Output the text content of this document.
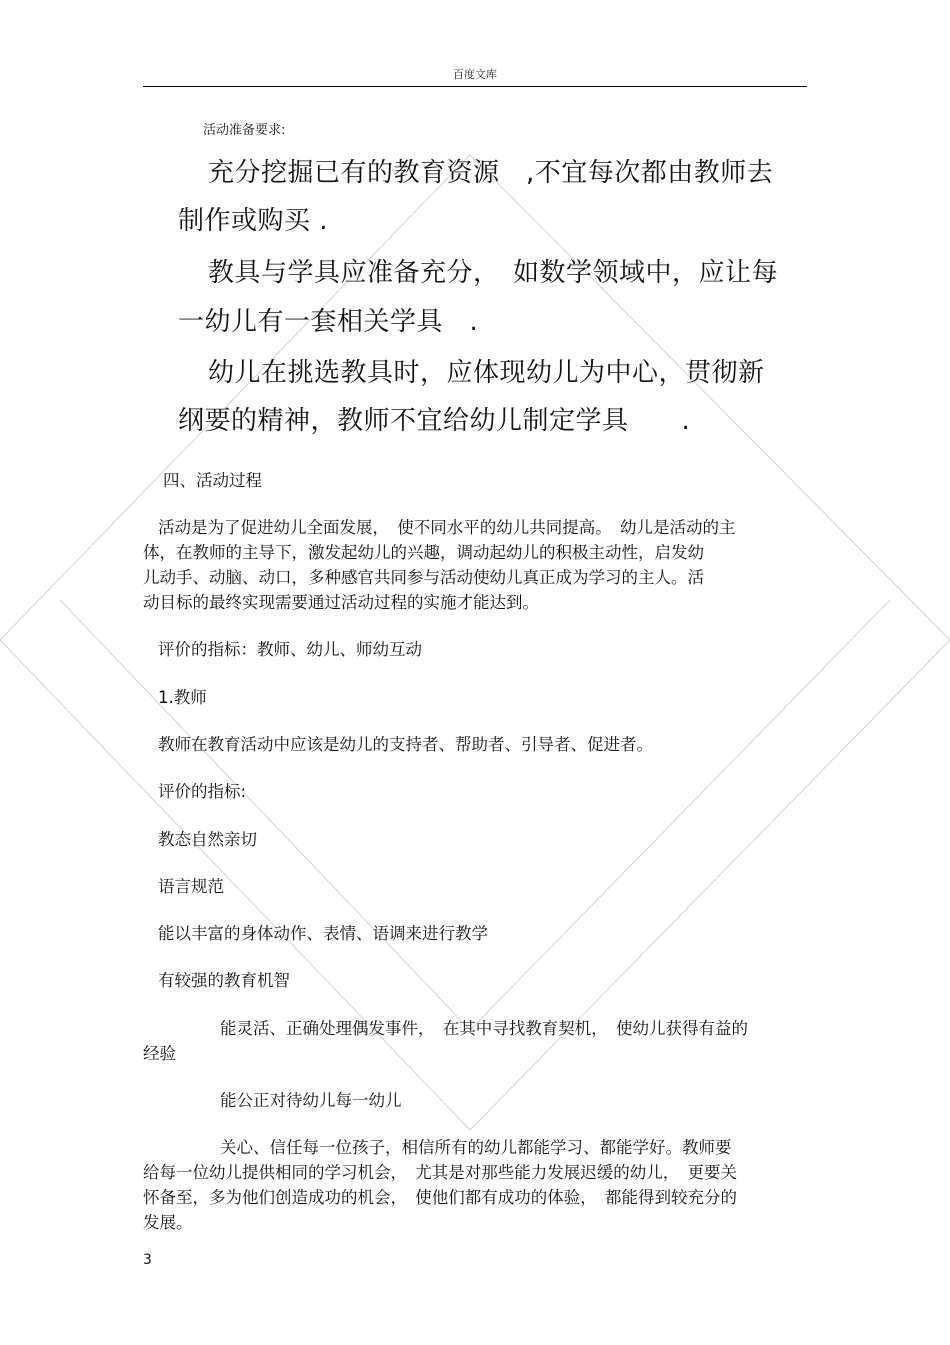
百度文库

活动准备要求:

充分挖掘已有的教育资源　,不宜每次都由教师去

制作或购买 .

教具与学具应准备充分，　如数学领域中，应让每

一幼儿有一套相关学具　.

幼儿在挑选教具时，应体现幼儿为中心，贯彻新

纲要的精神，教师不宜给幼儿制定学具　　.

四、活动过程

活动是为了促进幼儿全面发展，　使不同水平的幼儿共同提高。　幼儿是活动的主

体，在教师的主导下，激发起幼儿的兴趣，调动起幼儿的积极主动性，启发幼

儿动手、动脑、动口，多种感官共同参与活动使幼儿真正成为学习的主人。活

动目标的最终实现需要通过活动过程的实施才能达到。

评价的指标：教师、幼儿、师幼互动

1.教师

教师在教育活动中应该是幼儿的支持者、帮助者、引导者、促进者。

评价的指标:

教态自然亲切

语言规范

能以丰富的身体动作、表情、语调来进行教学

有较强的教育机智

能灵活、正确处理偶发事件，　在其中寻找教育契机，　使幼儿获得有益的

经验

能公正对待幼儿每一幼儿

关心、信任每一位孩子，相信所有的幼儿都能学习、都能学好。教师要

给每一位幼儿提供相同的学习机会，　尤其是对那些能力发展迟缓的幼儿，　更要关

怀备至，多为他们创造成功的机会，　使他们都有成功的体验，　都能得到较充分的

发展。

3
